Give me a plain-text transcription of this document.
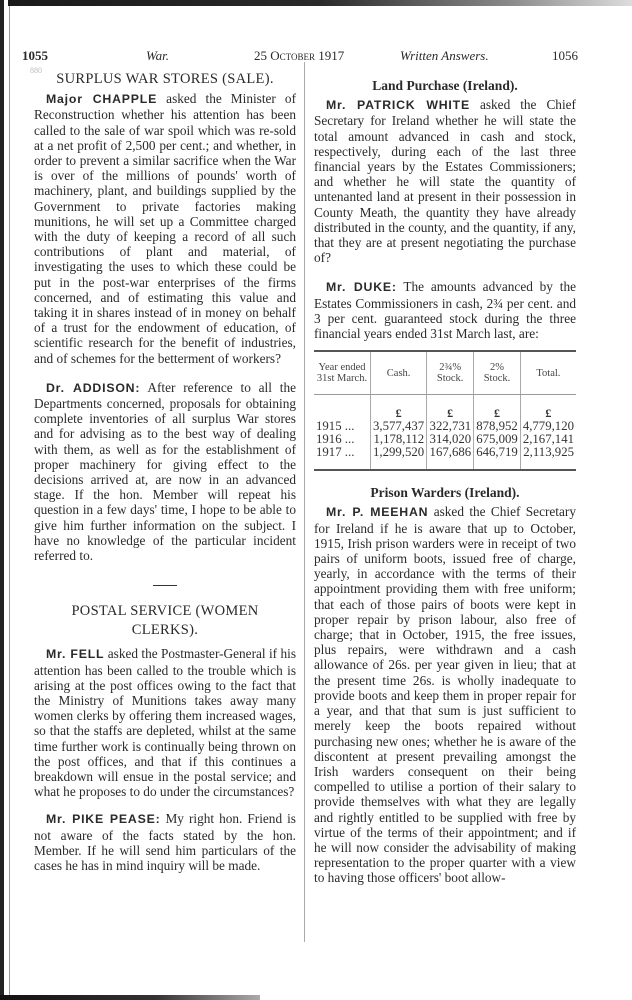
1055	War.	25 October 1917	Written Answers.	1056
880
SURPLUS WAR STORES (SALE).

Major CHAPPLE asked the Minister of Reconstruction whether his attention has been called to the sale of war spoil which was re-sold at a net profit of 2,500 per cent.; and whether, in order to prevent a similar sacrifice when the War is over of the millions of pounds' worth of machinery, plant, and buildings supplied by the Government to private factories making munitions, he will set up a Committee charged with the duty of keeping a record of all such contributions of plant and material, of investigating the uses to which these could be put in the post-war enterprises of the firms concerned, and of estimating this value and taking it in shares instead of in money on behalf of a trust for the endowment of education, of scientific research for the benefit of industries, and of schemes for the betterment of workers?

Dr. ADDISON: After reference to all the Departments concerned, proposals for obtaining complete inventories of all surplus War stores and for advising as to the best way of dealing with them, as well as for the establishment of proper machinery for giving effect to the decisions arrived at, are now in an advanced stage. If the hon. Member will repeat his question in a few days' time, I hope to be able to give him further information on the subject. I have no knowledge of the particular incident referred to.

POSTAL SERVICE (WOMEN CLERKS).

Mr. FELL asked the Postmaster-General if his attention has been called to the trouble which is arising at the post offices owing to the fact that the Ministry of Munitions takes away many women clerks by offering them increased wages, so that the staffs are depleted, whilst at the same time further work is continually being thrown on the post offices, and that if this continues a breakdown will ensue in the postal service; and what he proposes to do under the circumstances?

Mr. PIKE PEASE: My right hon. Friend is not aware of the facts stated by the hon. Member. If he will send him particulars of the cases he has in mind inquiry will be made.

Land Purchase (Ireland).

Mr. PATRICK WHITE asked the Chief Secretary for Ireland whether he will state the total amount advanced in cash and stock, respectively, during each of the last three financial years by the Estates Commissioners; and whether he will state the quantity of untenanted land at present in their possession in County Meath, the quantity they have already distributed in the county, and the quantity, if any, that they are at present negotiating the purchase of?

Mr. DUKE: The amounts advanced by the Estates Commissioners in cash, 2¾ per cent. and 3 per cent. guaranteed stock during the three financial years ended 31st March last, are:

Year ended 31st March.	Cash.	2¾% Stock.	2% Stock.	Total.
	£	£	£	£
1915 ...	3,577,437	322,731	878,952	4,779,120
1916 ...	1,178,112	314,020	675,009	2,167,141
1917 ...	1,299,520	167,686	646,719	2,113,925
Prison Warders (Ireland).

Mr. P. MEEHAN asked the Chief Secretary for Ireland if he is aware that up to October, 1915, Irish prison warders were in receipt of two pairs of uniform boots, issued free of charge, yearly, in accordance with the terms of their appointment providing them with free uniform; that each of those pairs of boots were kept in proper repair by prison labour, also free of charge; that in October, 1915, the free issues, plus repairs, were withdrawn and a cash allowance of 26s. per year given in lieu; that at the present time 26s. is wholly inadequate to provide boots and keep them in proper repair for a year, and that that sum is just sufficient to merely keep the boots repaired without purchasing new ones; whether he is aware of the discontent at present prevailing amongst the Irish warders consequent on their being compelled to utilise a portion of their salary to provide themselves with what they are legally and rightly entitled to be supplied with free by virtue of the terms of their appointment; and if he will now consider the advisability of making representation to the proper quarter with a view to having those officers' boot allow-
